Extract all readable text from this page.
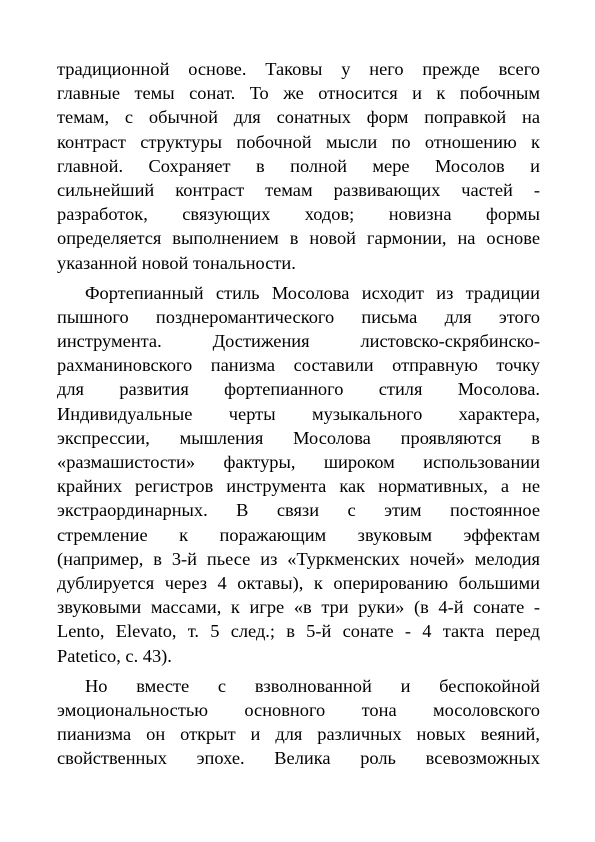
традиционной основе. Таковы у него прежде всего
главные темы сонат. То же относится и к побочным
темам, с обычной для сонатных форм поправкой на
контраст структуры побочной мысли по отношению к
главной. Сохраняет в полной мере Мосолов и
сильнейший контраст темам развивающих частей -
разработок, связующих ходов; новизна формы
определяется выполнением в новой гармонии, на основе
указанной новой тональности.
Фортепианный стиль Мосолова исходит из традиции
пышного позднеромантического письма для этого
инструмента. Достижения листовско-скрябинско-
рахманиновского панизма составили отправную точку
для развития фортепианного стиля Мосолова.
Индивидуальные черты музыкального характера,
экспрессии, мышления Мосолова проявляются в
«размашистости» фактуры, широком использовании
крайних регистров инструмента как нормативных, а не
экстраординарных. В связи с этим постоянное
стремление к поражающим звуковым эффектам
(например, в 3-й пьесе из «Туркменских ночей» мелодия
дублируется через 4 октавы), к оперированию большими
звуковыми массами, к игре «в три руки» (в 4-й сонате -
Lento, Elevato, т. 5 след.; в 5-й сонате - 4 такта перед
Patetico, с. 43).
Но вместе с взволнованной и беспокойной
эмоциональностью основного тона мосоловского
пианизма он открыт и для различных новых веяний,
свойственных эпохе. Велика роль всевозможных
